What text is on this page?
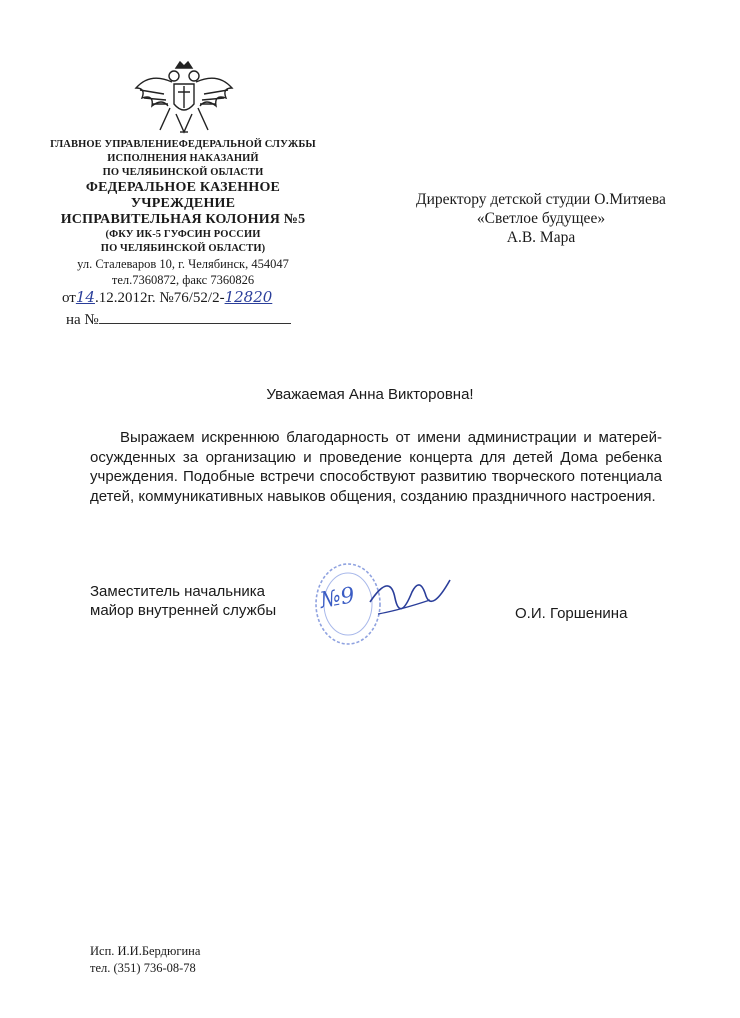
ГЛАВНОЕ УПРАВЛЕНИЕФЕДЕРАЛЬНОЙ СЛУЖБЫ
ИСПОЛНЕНИЯ НАКАЗАНИЙ
ПО ЧЕЛЯБИНСКОЙ ОБЛАСТИ
ФЕДЕРАЛЬНОЕ КАЗЕННОЕ
УЧРЕЖДЕНИЕ
ИСПРАВИТЕЛЬНАЯ КОЛОНИЯ №5
(ФКУ ИК-5 ГУФСИН РОССИИ
ПО ЧЕЛЯБИНСКОЙ ОБЛАСТИ)
ул. Сталеваров 10, г. Челябинск, 454047
тел.7360872, факс 7360826
от14.12.2012г. №76/52/2-12820
на №
Директору детской студии О.Митяева
«Светлое будущее»
А.В. Мара
Уважаемая Анна Викторовна!
Выражаем искреннюю благодарность от имени администрации и матерей-осужденных за организацию и проведение концерта для детей Дома ребенка учреждения. Подобные встречи способствуют развитию творческого потенциала детей, коммуникативных навыков общения, созданию праздничного настроения.
Заместитель начальника
майор внутренней службы №9	О.И. Горшенина
Исп. И.И.Бердюгина
тел. (351) 736-08-78
